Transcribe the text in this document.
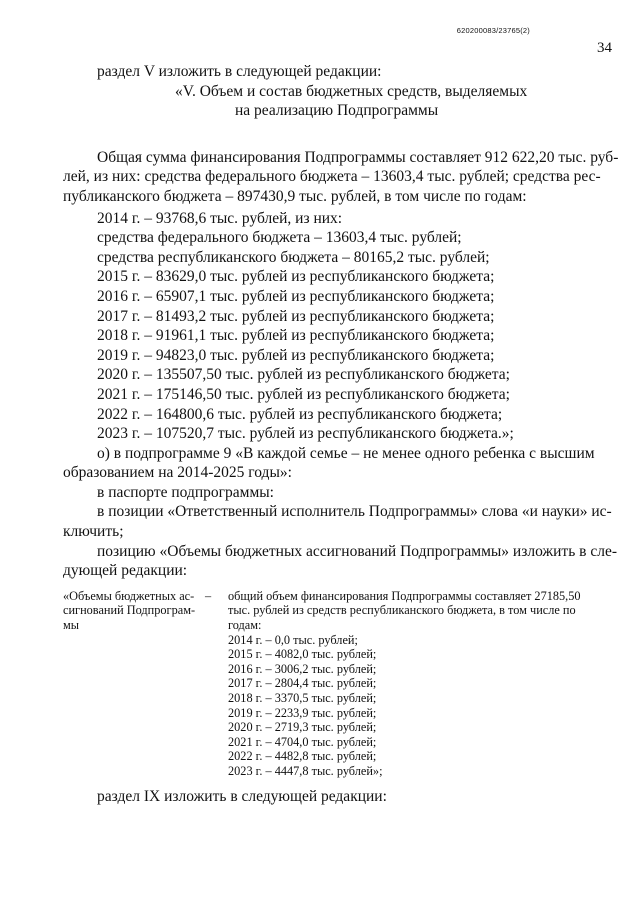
620200083/23765(2)
34
раздел V изложить в следующей редакции:
«V. Объем и состав бюджетных средств, выделяемых
на реализацию Подпрограммы
Общая сумма финансирования Подпрограммы составляет 912 622,20 тыс. руб-
лей, из них: средства федерального бюджета – 13603,4 тыс. рублей; средства рес-
публиканского бюджета – 897430,9 тыс. рублей, в том числе по годам:
2014 г. – 93768,6 тыс. рублей, из них:
средства федерального бюджета – 13603,4 тыс. рублей;
средства республиканского бюджета – 80165,2 тыс. рублей;
2015 г. – 83629,0 тыс. рублей из республиканского бюджета;
2016 г. – 65907,1 тыс. рублей из республиканского бюджета;
2017 г. – 81493,2 тыс. рублей из республиканского бюджета;
2018 г. – 91961,1 тыс. рублей из республиканского бюджета;
2019 г. – 94823,0 тыс. рублей из республиканского бюджета;
2020 г. – 135507,50 тыс. рублей из республиканского бюджета;
2021 г. – 175146,50 тыс. рублей из республиканского бюджета;
2022 г. – 164800,6 тыс. рублей из республиканского бюджета;
2023 г. – 107520,7 тыс. рублей из республиканского бюджета.»;
о) в подпрограмме 9 «В каждой семье – не менее одного ребенка с высшим
образованием на 2014-2025 годы»:
в паспорте подпрограммы:
в позиции «Ответственный исполнитель Подпрограммы» слова «и науки» ис-
ключить;
позицию «Объемы бюджетных ассигнований Подпрограммы» изложить в сле-
дующей редакции:
«Объемы бюджетных ас-
сигнований Подпрограм-
мы
– общий объем финансирования Подпрограммы составляет 27185,50
тыс. рублей из средств республиканского бюджета, в том числе по
годам:
2014 г. – 0,0 тыс. рублей;
2015 г. – 4082,0 тыс. рублей;
2016 г. – 3006,2 тыс. рублей;
2017 г. – 2804,4 тыс. рублей;
2018 г. – 3370,5 тыс. рублей;
2019 г. – 2233,9 тыс. рублей;
2020 г. – 2719,3 тыс. рублей;
2021 г. – 4704,0 тыс. рублей;
2022 г. – 4482,8 тыс. рублей;
2023 г. – 4447,8 тыс. рублей»;
раздел IX изложить в следующей редакции:
